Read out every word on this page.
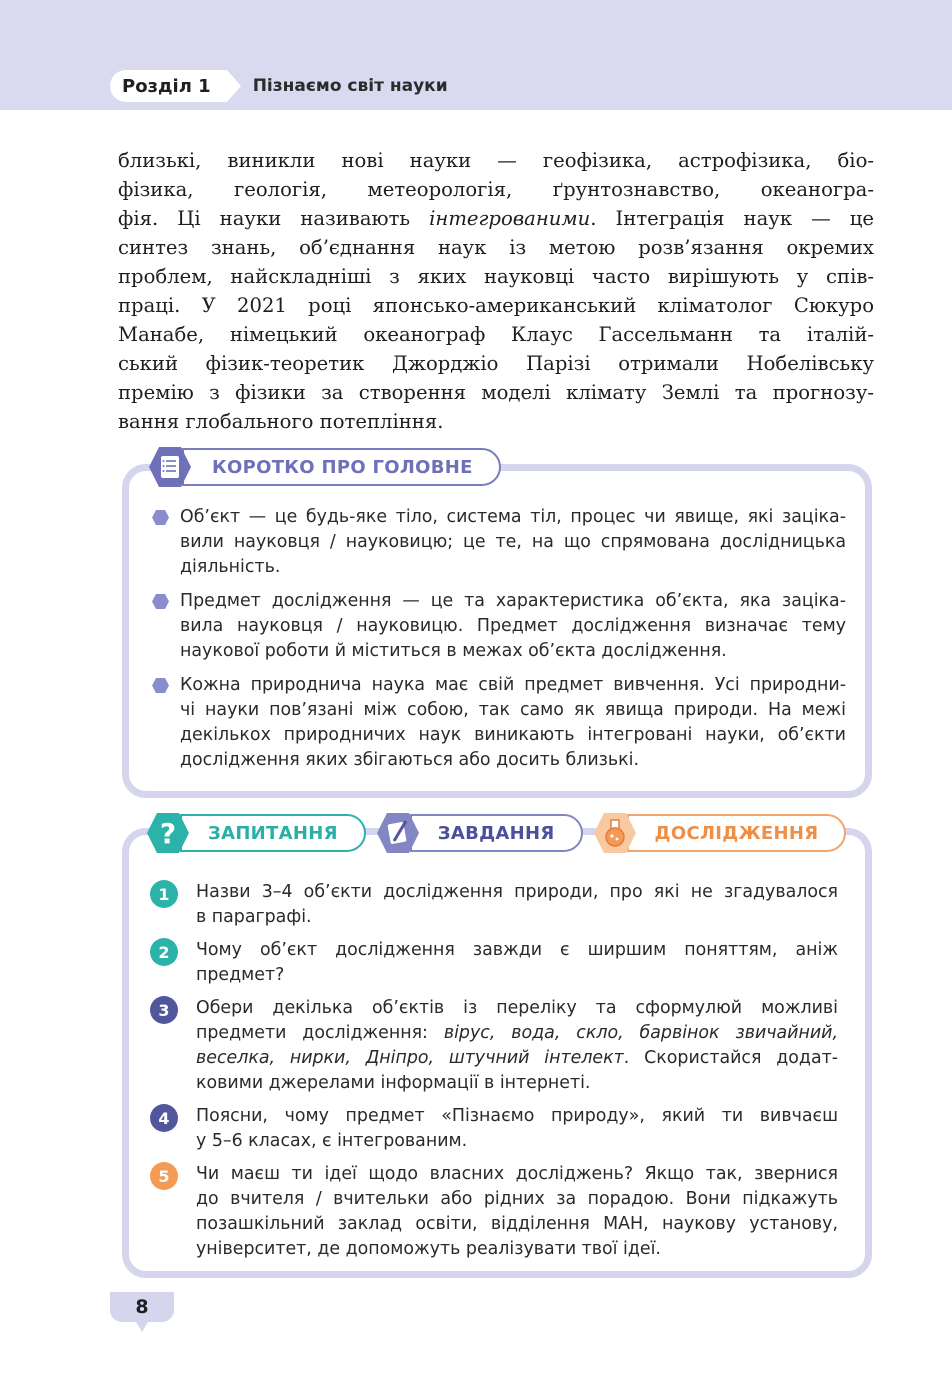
Розділ 1	Пізнаємо світ науки
близькі, виникли нові науки — геофізика, астрофізика, біо-
фізика, геологія, метеорологія, ґрунтознавство, океаногра-
фія. Ці науки називають інтегрованими. Інтеграція наук — це
синтез знань, об’єднання наук із метою розв’язання окремих
проблем, найскладніші з яких науковці часто вирішують у спів-
праці. У 2021 році японсько-американський кліматолог Сюкуро
Манабе, німецький океанограф Клаус Гассельманн та італій-
ський фізик-теоретик Джорджіо Парізі отримали Нобелівську
премію з фізики за створення моделі клімату Землі та прогнозу-
вання глобального потепління.
КОРОТКО ПРО ГОЛОВНЕ
Об’єкт — це будь-яке тіло, система тіл, процес чи явище, які заціка-
вили науковця / науковицю; це те, на що спрямована дослідницька
діяльність.
Предмет дослідження — це та характеристика об’єкта, яка заціка-
вила науковця / науковицю. Предмет дослідження визначає тему
наукової роботи й міститься в межах об’єкта дослідження.
Кожна природнича наука має свій предмет вивчення. Усі природни-
чі науки пов’язані між собою, так само як явища природи. На межі
декількох природничих наук виникають інтегровані науки, об’єкти
дослідження яких збігаються або досить близькі.
? ЗАПИТАННЯ	ЗАВДАННЯ	ДОСЛІДЖЕННЯ
1	Назви 3–4 об’єкти дослідження природи, про які не згадувалося
в параграфі.
2	Чому об’єкт дослідження завжди є ширшим поняттям, аніж
предмет?
3	Обери декілька об’єктів із переліку та сформулюй можливі
предмети дослідження: вірус, вода, скло, барвінок звичайний,
веселка, нирки, Дніпро, штучний інтелект. Скористайся додат-
ковими джерелами інформації в інтернеті.
4	Поясни, чому предмет «Пізнаємо природу», який ти вивчаєш
у 5–6 класах, є інтегрованим.
5	Чи маєш ти ідеї щодо власних досліджень? Якщо так, звернися
до вчителя / вчительки або рідних за порадою. Вони підкажуть
позашкільний заклад освіти, відділення МАН, наукову установу,
університет, де допоможуть реалізувати твої ідеї.
8
